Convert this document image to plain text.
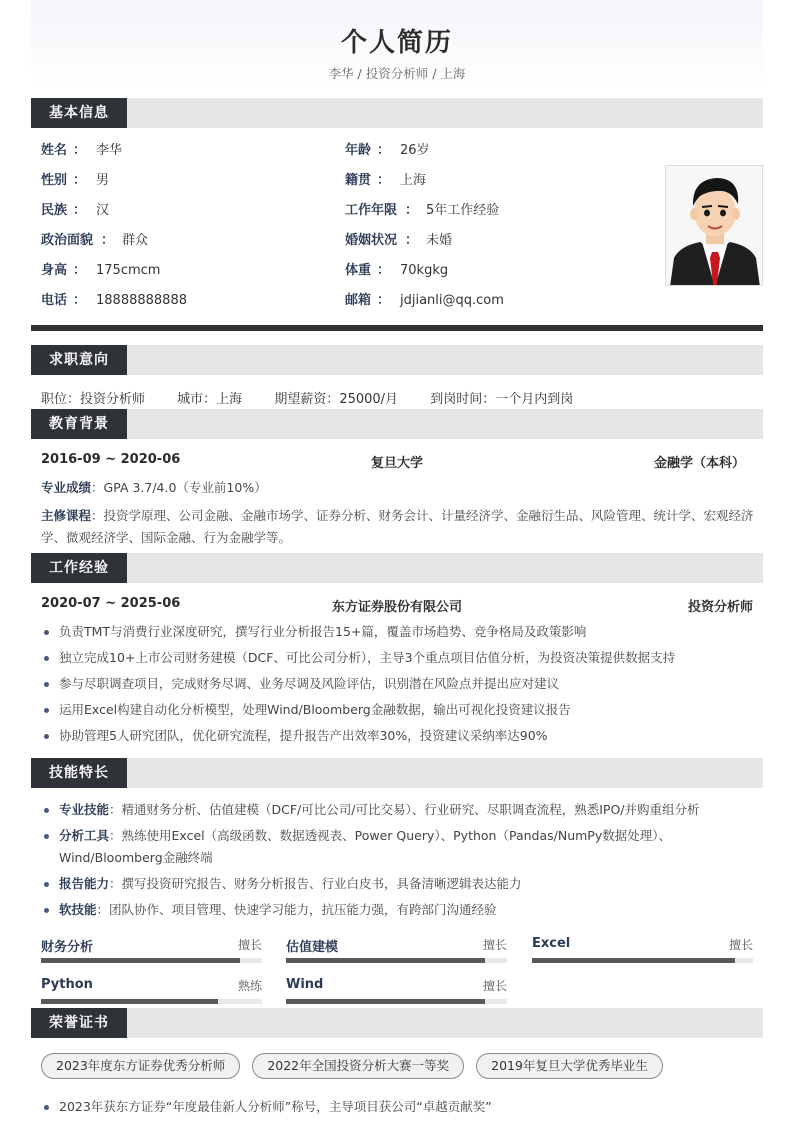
个人简历
李华 / 投资分析师 / 上海
基本信息
姓名 ： 李华
性别 ： 男
民族 ： 汉
政治面貌 ： 群众
身高 ： 175cmcm
电话 ： 18888888888
年龄 ： 26岁
籍贯 ： 上海
工作年限 ： 5年工作经验
婚姻状况 ： 未婚
体重 ： 70kgkg
邮箱 ： jdjianli@qq.com
求职意向
职位：投资分析师 城市：上海 期望薪资：25000/月 到岗时间：一个月内到岗
教育背景
2016-09 ~ 2020-06	复旦大学	金融学（本科）
专业成绩：GPA 3.7/4.0（专业前10%）
主修课程：投资学原理、公司金融、金融市场学、证券分析、财务会计、计量经济学、金融衍生品、风险管理、统计学、宏观经济学、微观经济学、国际金融、行为金融学等。
工作经验
2020-07 ~ 2025-06	东方证券股份有限公司	投资分析师
负责TMT与消费行业深度研究，撰写行业分析报告15+篇，覆盖市场趋势、竞争格局及政策影响
独立完成10+上市公司财务建模（DCF、可比公司分析），主导3个重点项目估值分析，为投资决策提供数据支持
参与尽职调查项目，完成财务尽调、业务尽调及风险评估，识别潜在风险点并提出应对建议
运用Excel构建自动化分析模型，处理Wind/Bloomberg金融数据，输出可视化投资建议报告
协助管理5人研究团队，优化研究流程，提升报告产出效率30%，投资建议采纳率达90%
技能特长
专业技能：精通财务分析、估值建模（DCF/可比公司/可比交易）、行业研究、尽职调查流程，熟悉IPO/并购重组分析
分析工具：熟练使用Excel（高级函数、数据透视表、Power Query）、Python（Pandas/NumPy数据处理）、Wind/Bloomberg金融终端
报告能力：撰写投资研究报告、财务分析报告、行业白皮书，具备清晰逻辑表达能力
软技能：团队协作、项目管理、快速学习能力，抗压能力强，有跨部门沟通经验
财务分析	擅长 估值建模	擅长 Excel	擅长
Python	熟练 Wind	擅长
荣誉证书
2023年度东方证券优秀分析师	2022年全国投资分析大赛一等奖	2019年复旦大学优秀毕业生
2023年获东方证券“年度最佳新人分析师”称号，主导项目获公司“卓越贡献奖”
